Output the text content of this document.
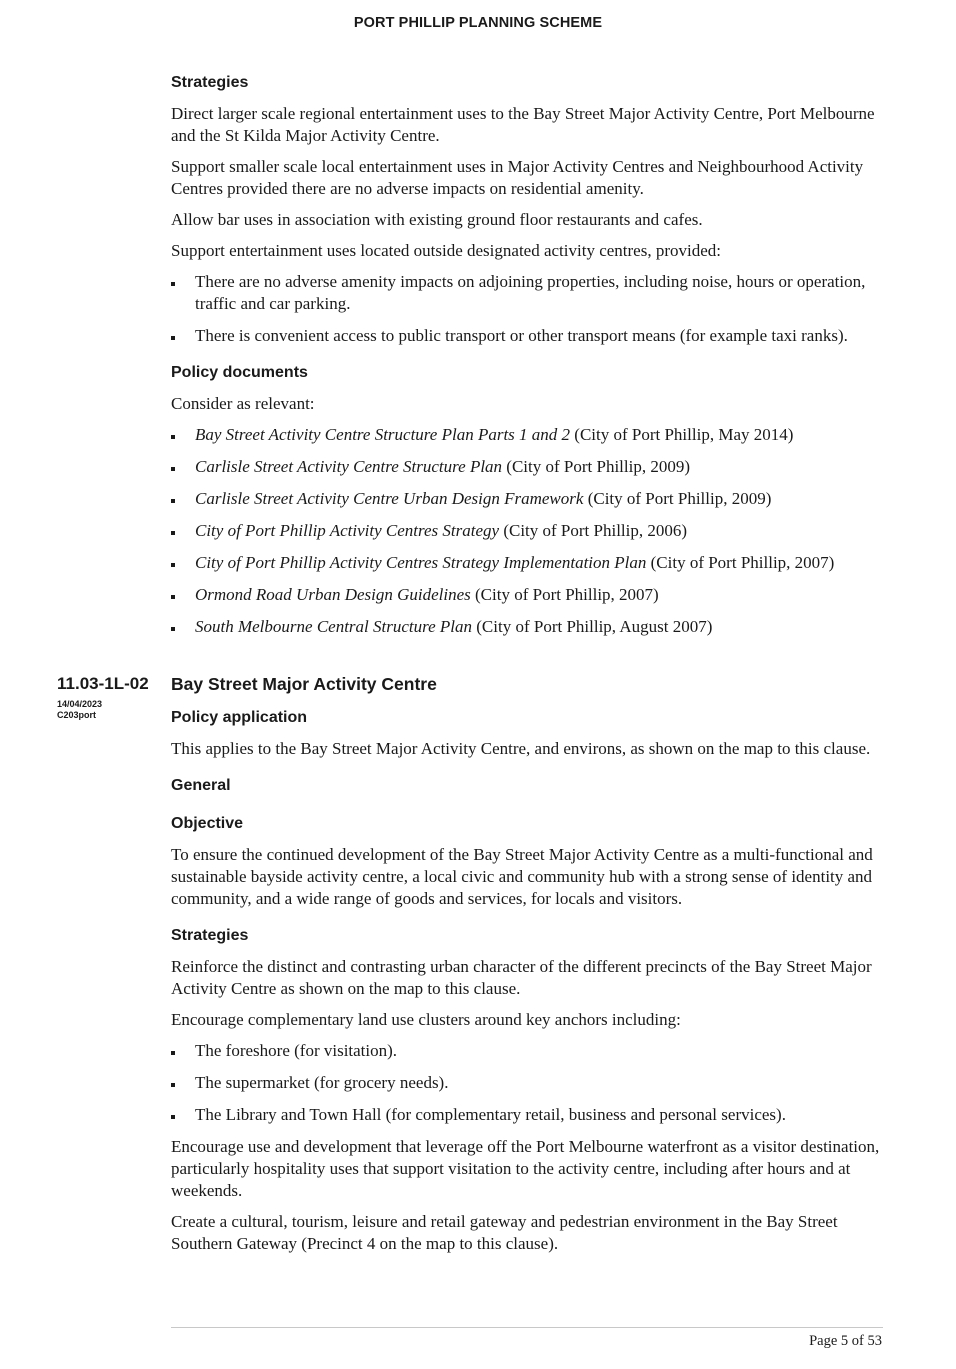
PORT PHILLIP PLANNING SCHEME
Strategies

Direct larger scale regional entertainment uses to the Bay Street Major Activity Centre, Port Melbourne and the St Kilda Major Activity Centre.

Support smaller scale local entertainment uses in Major Activity Centres and Neighbourhood Activity Centres provided there are no adverse impacts on residential amenity.

Allow bar uses in association with existing ground floor restaurants and cafes.

Support entertainment uses located outside designated activity centres, provided:

There are no adverse amenity impacts on adjoining properties, including noise, hours or operation, traffic and car parking.
There is convenient access to public transport or other transport means (for example taxi ranks).
Policy documents

Consider as relevant:

Bay Street Activity Centre Structure Plan Parts 1 and 2 (City of Port Phillip, May 2014)
Carlisle Street Activity Centre Structure Plan (City of Port Phillip, 2009)
Carlisle Street Activity Centre Urban Design Framework (City of Port Phillip, 2009)
City of Port Phillip Activity Centres Strategy (City of Port Phillip, 2006)
City of Port Phillip Activity Centres Strategy Implementation Plan (City of Port Phillip, 2007)
Ormond Road Urban Design Guidelines (City of Port Phillip, 2007)
South Melbourne Central Structure Plan (City of Port Phillip, August 2007)
11.03-1L-02
14/04/2023
C203port
Bay Street Major Activity Centre
Policy application

This applies to the Bay Street Major Activity Centre, and environs, as shown on the map to this clause.

General
Objective

To ensure the continued development of the Bay Street Major Activity Centre as a multi-functional and sustainable bayside activity centre, a local civic and community hub with a strong sense of identity and community, and a wide range of goods and services, for locals and visitors.

Strategies

Reinforce the distinct and contrasting urban character of the different precincts of the Bay Street Major Activity Centre as shown on the map to this clause.

Encourage complementary land use clusters around key anchors including:

The foreshore (for visitation).
The supermarket (for grocery needs).
The Library and Town Hall (for complementary retail, business and personal services).

Encourage use and development that leverage off the Port Melbourne waterfront as a visitor destination, particularly hospitality uses that support visitation to the activity centre, including after hours and at weekends.

Create a cultural, tourism, leisure and retail gateway and pedestrian environment in the Bay Street Southern Gateway (Precinct 4 on the map to this clause).

Page 5 of 53
